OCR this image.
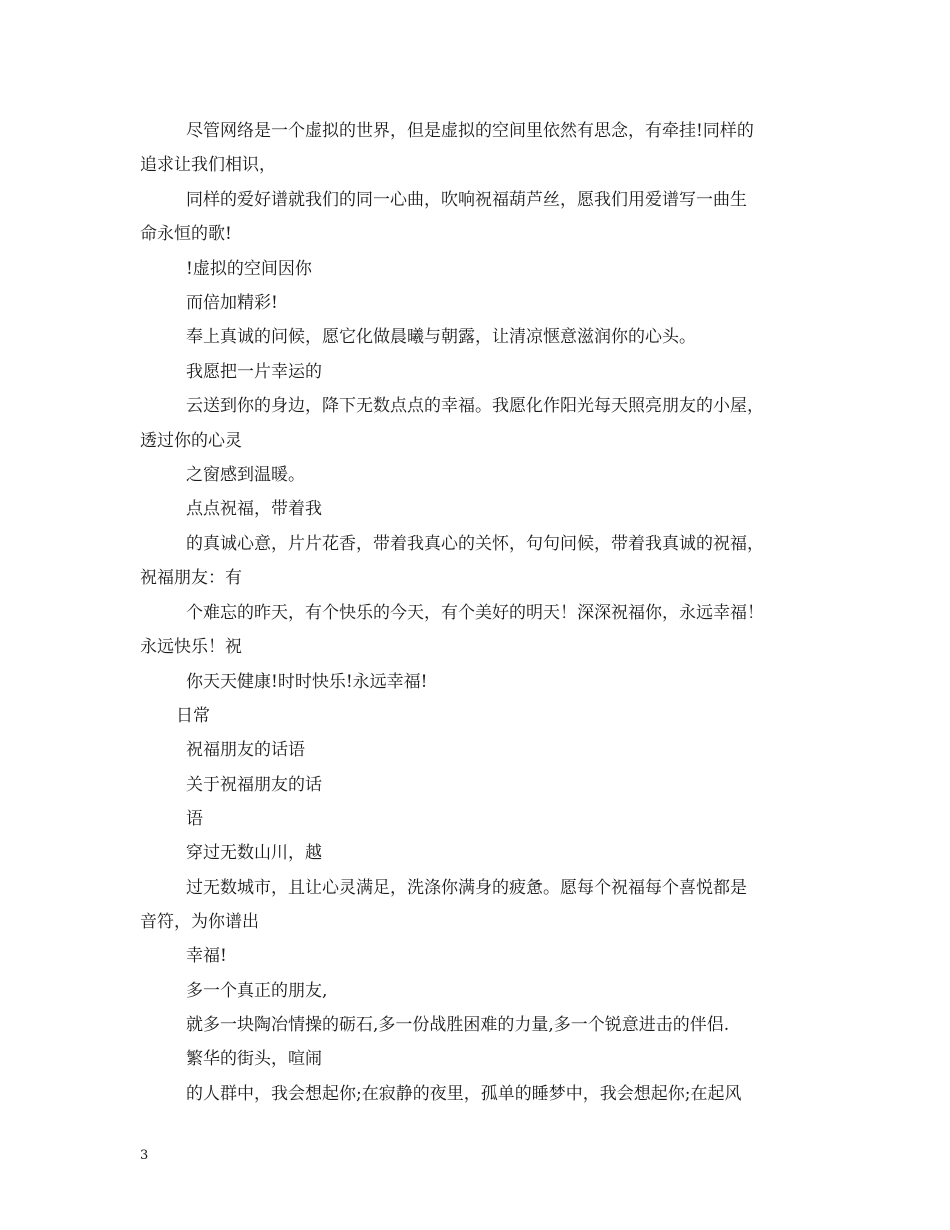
尽管网络是一个虚拟的世界，但是虚拟的空间里依然有思念，有牵挂!同样的
追求让我们相识，
同样的爱好谱就我们的同一心曲，吹响祝福葫芦丝，愿我们用爱谱写一曲生
命永恒的歌!
!虚拟的空间因你
而倍加精彩!
奉上真诚的问候，愿它化做晨曦与朝露，让清凉惬意滋润你的心头。
我愿把一片幸运的
云送到你的身边，降下无数点点的幸福。我愿化作阳光每天照亮朋友的小屋，
透过你的心灵
之窗感到温暖。
点点祝福，带着我
的真诚心意，片片花香，带着我真心的关怀，句句问候，带着我真诚的祝福，
祝福朋友：有
个难忘的昨天，有个快乐的今天，有个美好的明天！深深祝福你，永远幸福！
永远快乐！祝
你天天健康!时时快乐!永远幸福!
日常
祝福朋友的话语
关于祝福朋友的话
语
穿过无数山川，越
过无数城市，且让心灵满足，洗涤你满身的疲惫。愿每个祝福每个喜悦都是
音符，为你谱出
幸福!
多一个真正的朋友,
就多一块陶冶情操的砺石,多一份战胜困难的力量,多一个锐意进击的伴侣.
繁华的街头，喧闹
的人群中，我会想起你;在寂静的夜里，孤单的睡梦中，我会想起你;在起风
3
